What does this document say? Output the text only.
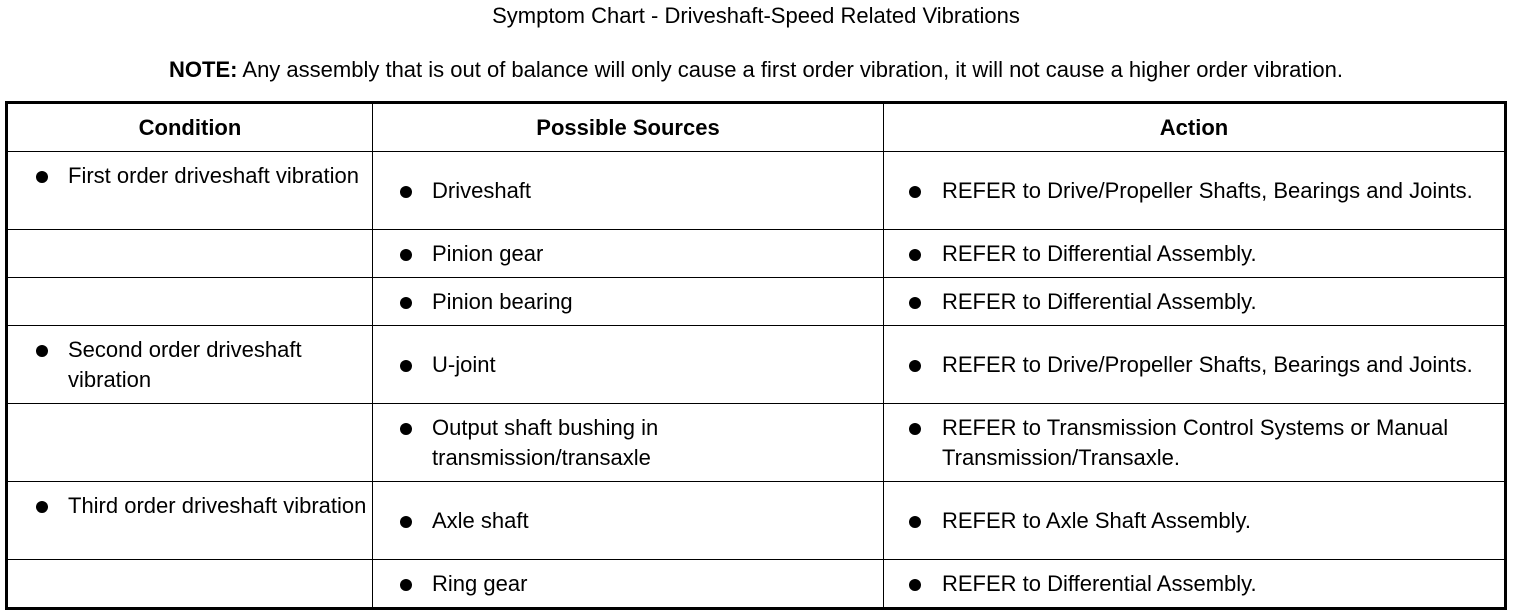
Symptom Chart - Driveshaft-Speed Related Vibrations
NOTE: Any assembly that is out of balance will only cause a first order vibration, it will not cause a higher order vibration.
Condition	Possible Sources	Action

First order driveshaft vibration	Driveshaft	REFER to Drive/Propeller Shafts, Bearings and Joints.

	Pinion gear	REFER to Differential Assembly.

	Pinion bearing	REFER to Differential Assembly.

Second order driveshaft vibration	U-joint	REFER to Drive/Propeller Shafts, Bearings and Joints.

	Output shaft bushing in transmission/transaxle	REFER to Transmission Control Systems or Manual Transmission/Transaxle.

Third order driveshaft vibration	Axle shaft	REFER to Axle Shaft Assembly.

	Ring gear	REFER to Differential Assembly.
